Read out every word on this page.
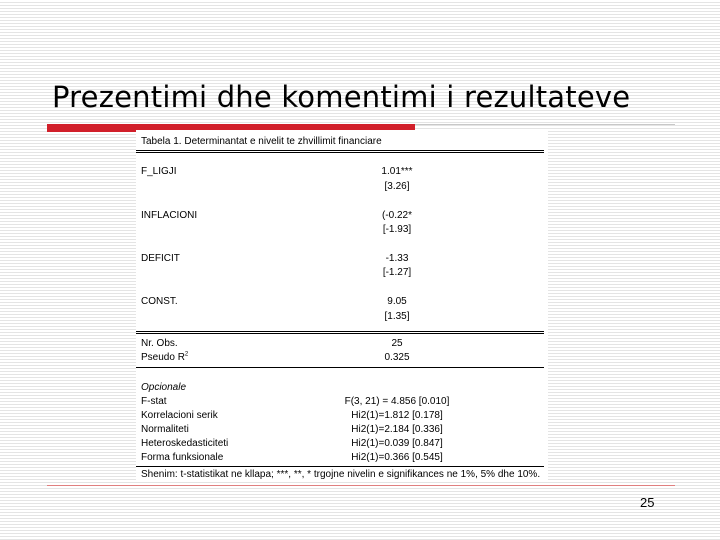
Prezentimi dhe komentimi i rezultateve
Tabela 1. Determinantat e nivelit te zhvillimit financiare
F_LIGJI	1.01***
[3.26]
INFLACIONI	(-0.22*
[-1.93]
DEFICIT	-1.33
[-1.27]
CONST.	9.05
[1.35]
Nr. Obs.	25
Pseudo $R^2$	0.325
Opcionale
F-stat	F(3, 21) = 4.856 [0.010]
Korrelacioni serik	Hi2(1)=1.812 [0.178]
Normaliteti	Hi2(1)=2.184 [0.336]
Heteroskedasticiteti	Hi2(1)=0.039 [0.847]
Forma funksionale	Hi2(1)=0.366 [0.545]
Shenim: t-statistikat ne kllapa; ***, **, * trgojne nivelin e signifikances ne 1%, 5% dhe 10%.
25
